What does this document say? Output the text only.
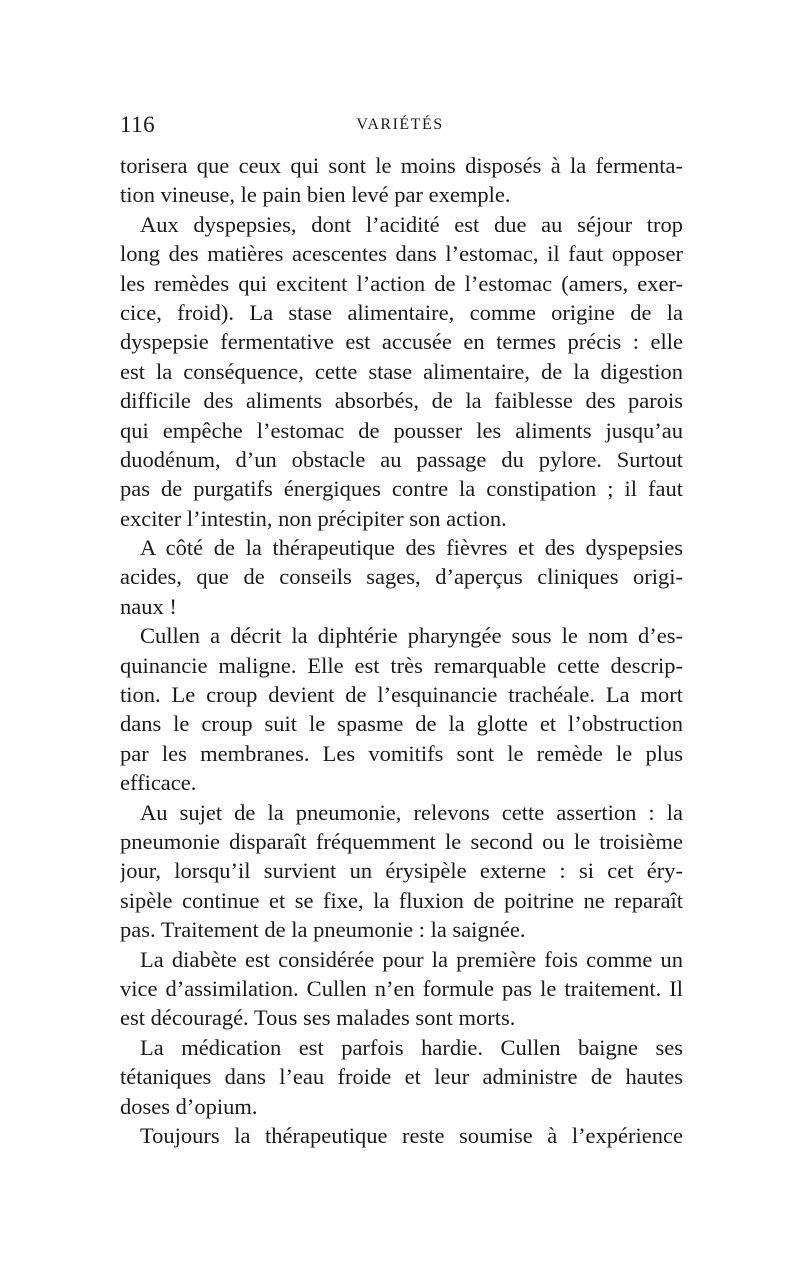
116	VARIÉTÉS
torisera que ceux qui sont le moins disposés à la fermenta-
tion vineuse, le pain bien levé par exemple.
Aux dyspepsies, dont l’acidité est due au séjour trop
long des matières acescentes dans l’estomac, il faut opposer
les remèdes qui excitent l’action de l’estomac (amers, exer-
cice, froid). La stase alimentaire, comme origine de la
dyspepsie fermentative est accusée en termes précis : elle
est la conséquence, cette stase alimentaire, de la digestion
difficile des aliments absorbés, de la faiblesse des parois
qui empêche l’estomac de pousser les aliments jusqu’au
duodénum, d’un obstacle au passage du pylore. Surtout
pas de purgatifs énergiques contre la constipation ; il faut
exciter l’intestin, non précipiter son action.
A côté de la thérapeutique des fièvres et des dyspepsies
acides, que de conseils sages, d’aperçus cliniques origi-
naux !
Cullen a décrit la diphtérie pharyngée sous le nom d’es-
quinancie maligne. Elle est très remarquable cette descrip-
tion. Le croup devient de l’esquinancie trachéale. La mort
dans le croup suit le spasme de la glotte et l’obstruction
par les membranes. Les vomitifs sont le remède le plus
efficace.
Au sujet de la pneumonie, relevons cette assertion : la
pneumonie disparaît fréquemment le second ou le troisième
jour, lorsqu’il survient un érysipèle externe : si cet éry-
sipèle continue et se fixe, la fluxion de poitrine ne reparaît
pas. Traitement de la pneumonie : la saignée.
La diabète est considérée pour la première fois comme un
vice d’assimilation. Cullen n’en formule pas le traitement. Il
est découragé. Tous ses malades sont morts.
La médication est parfois hardie. Cullen baigne ses
tétaniques dans l’eau froide et leur administre de hautes
doses d’opium.
Toujours la thérapeutique reste soumise à l’expérience
